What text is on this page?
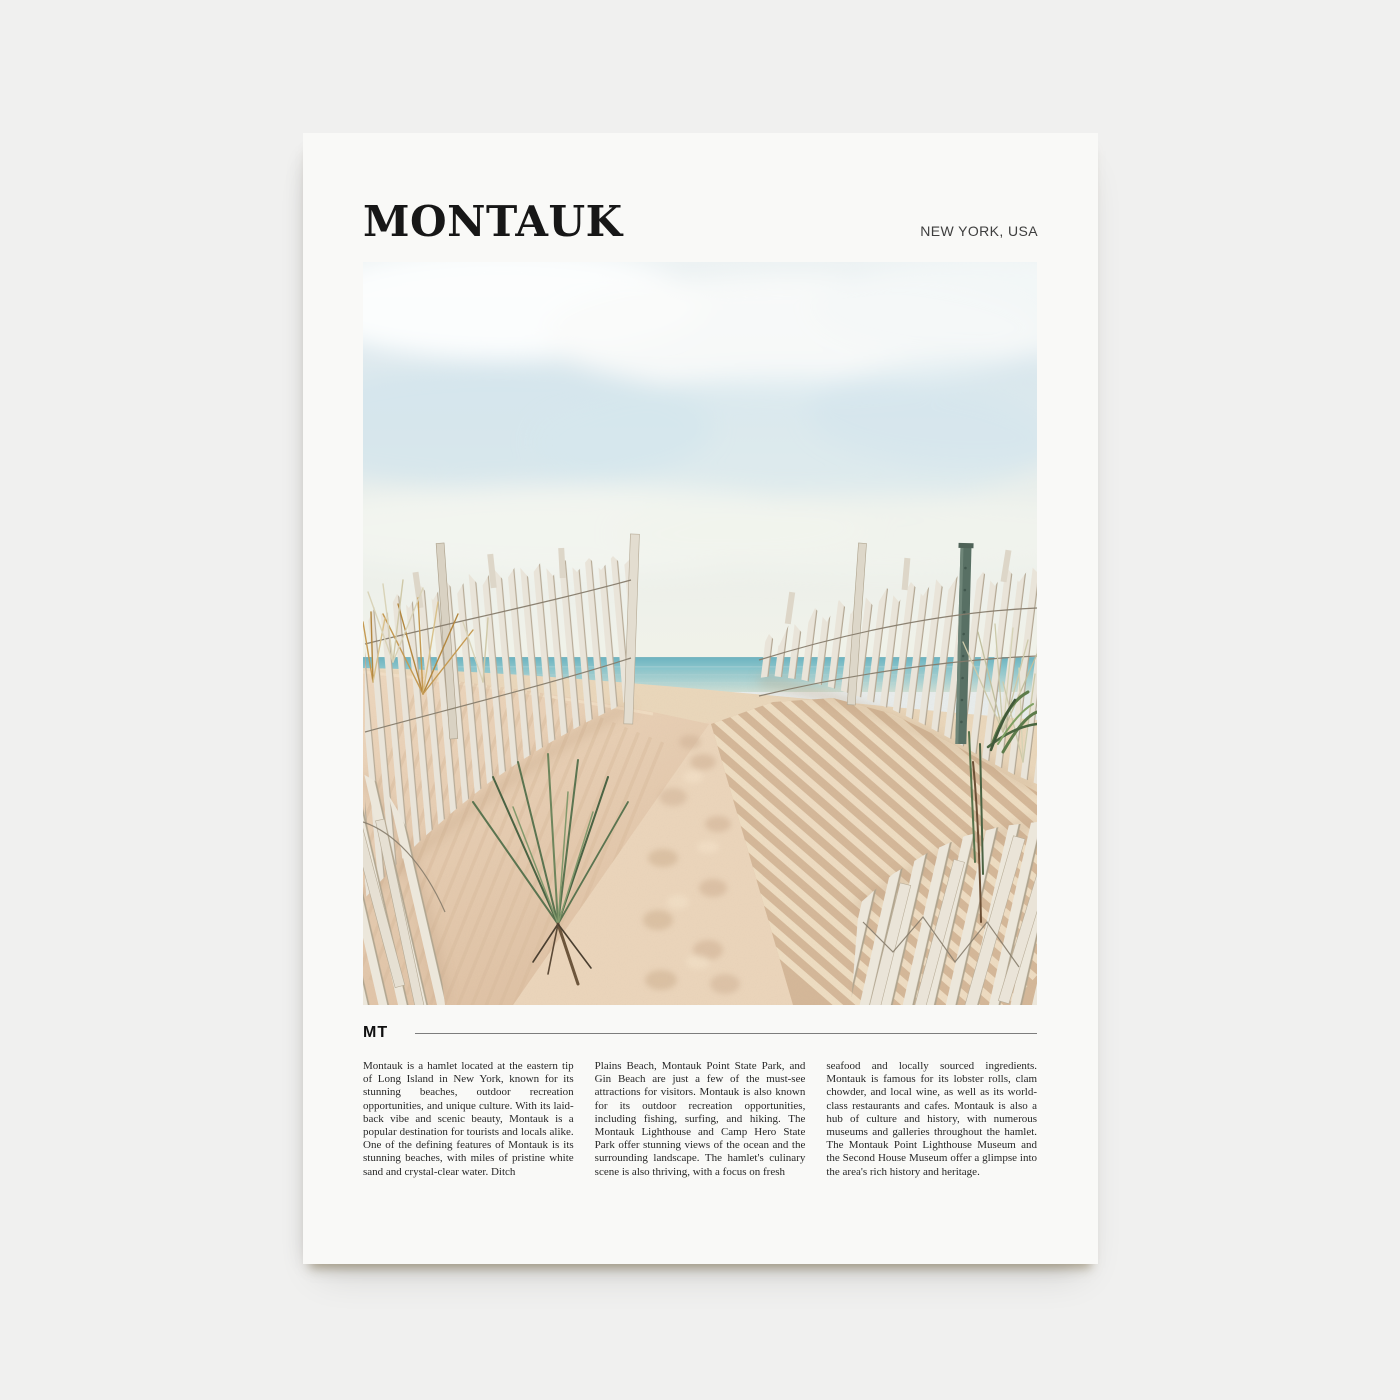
MONTAUK	NEW YORK, USA
MT
Montauk is a hamlet located at the eastern tip of Long Island in New York, known for its stunning beaches, outdoor recreation opportunities, and unique culture. With its laid-back vibe and scenic beauty, Montauk is a popular destination for tourists and locals alike. One of the defining features of Montauk is its stunning beaches, with miles of pristine white sand and crystal-clear water. Ditch
Plains Beach, Montauk Point State Park, and Gin Beach are just a few of the must-see attractions for visitors. Montauk is also known for its outdoor recreation opportunities, including fishing, surfing, and hiking. The Montauk Lighthouse and Camp Hero State Park offer stunning views of the ocean and the surrounding landscape. The hamlet's culinary scene is also thriving, with a focus on fresh
seafood and locally sourced ingredients. Montauk is famous for its lobster rolls, clam chowder, and local wine, as well as its world-class restaurants and cafes. Montauk is also a hub of culture and history, with numerous museums and galleries throughout the hamlet. The Montauk Point Lighthouse Museum and the Second House Museum offer a glimpse into the area's rich history and heritage.
